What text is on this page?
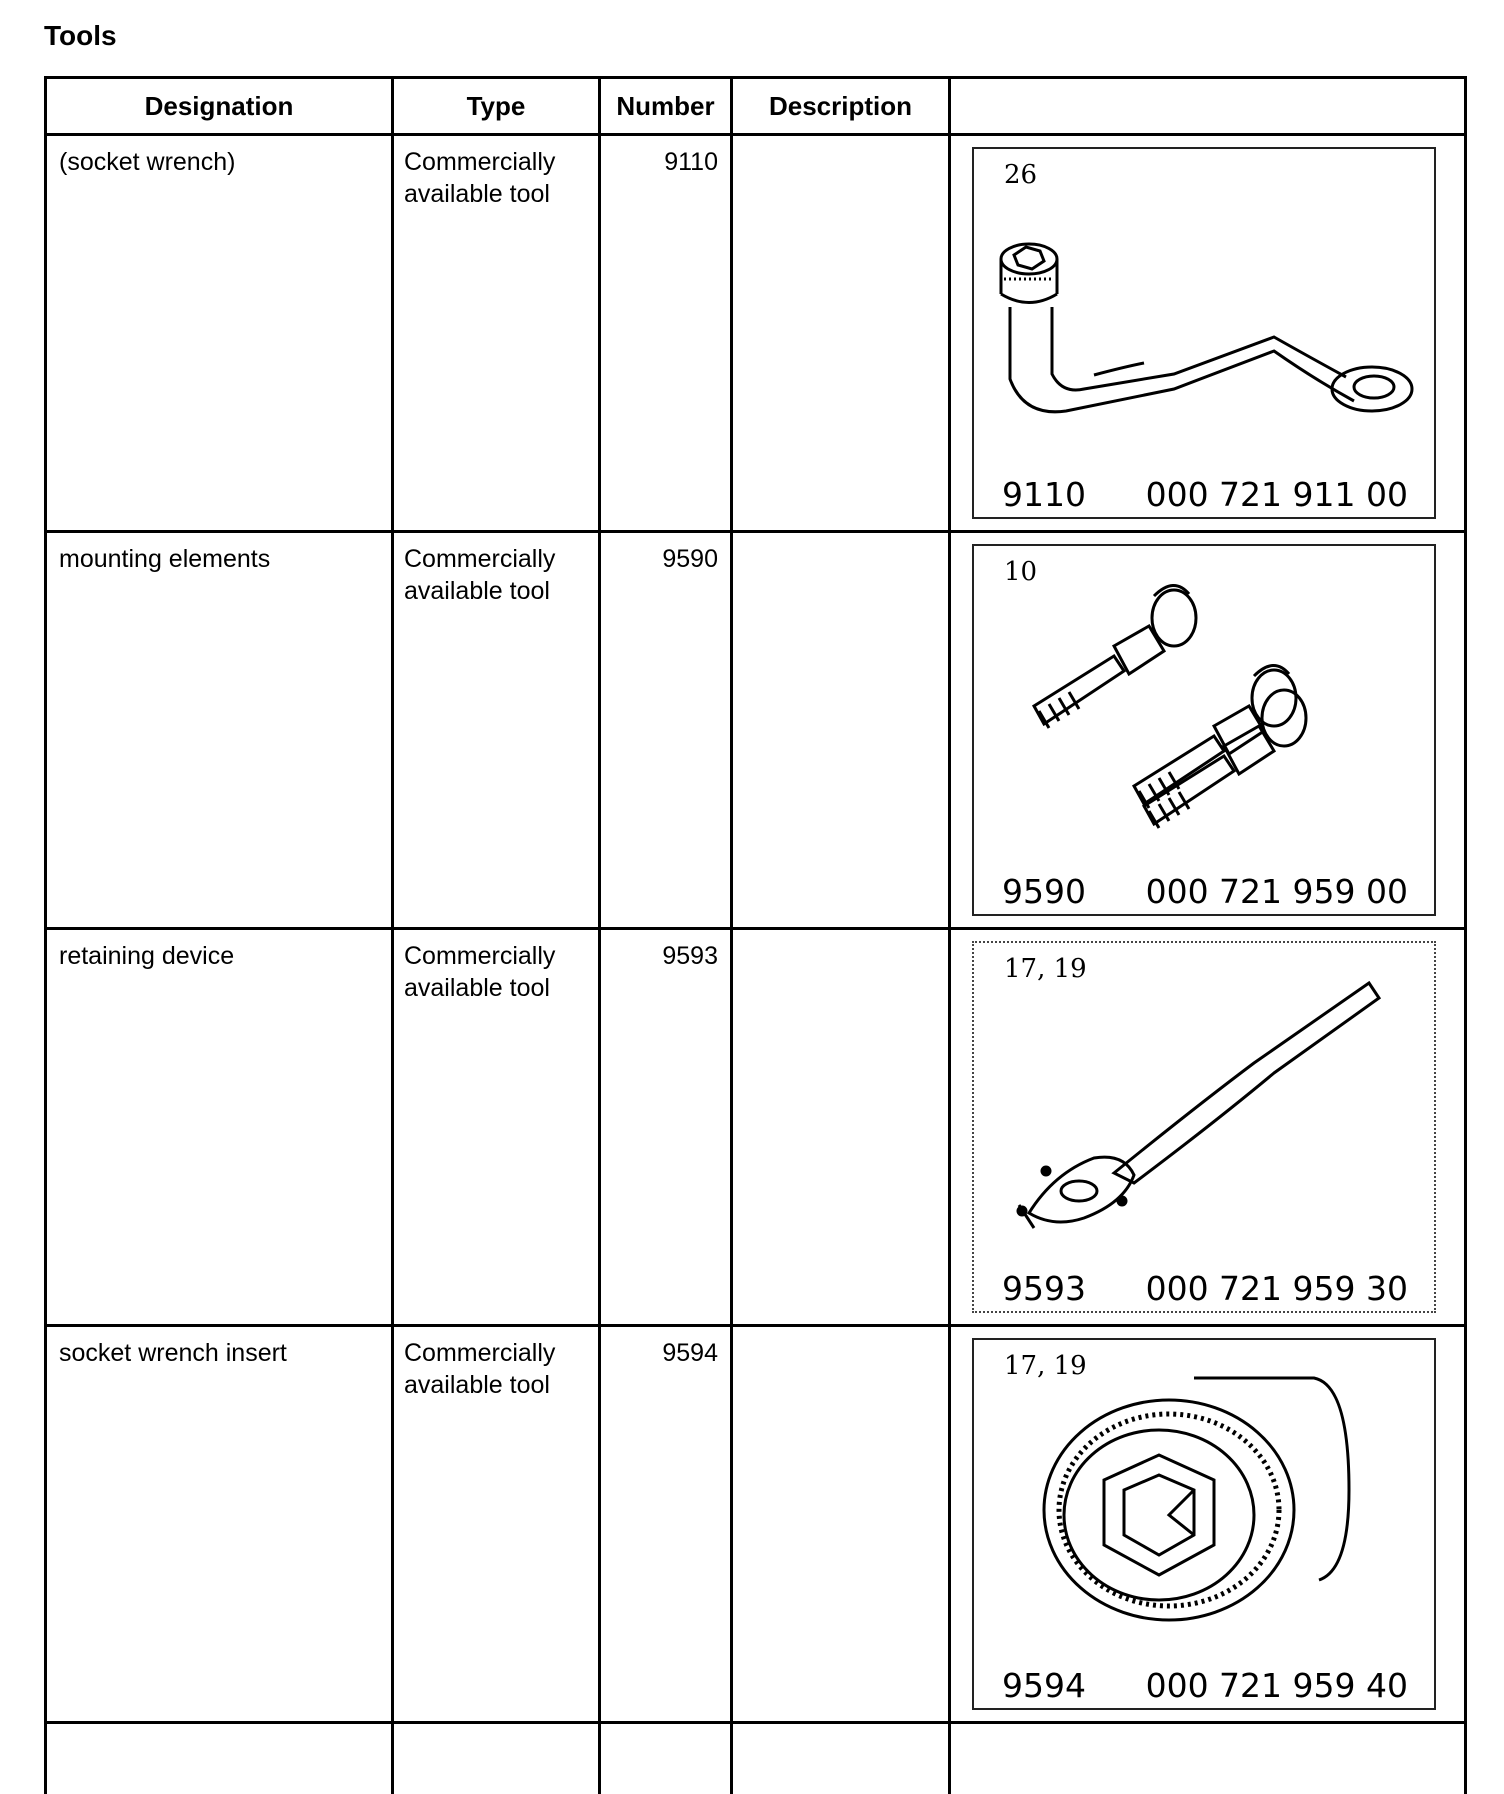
Tools
Designation	Type	Number	Description	
(socket wrench)	Commercially available tool	9110		26
9110 000 721 911 00

mounting elements	Commercially available tool	9590		10
9590 000 721 959 00

retaining device	Commercially available tool	9593		17, 19
9593 000 721 959 30

socket wrench insert	Commercially available tool	9594		17, 19
9594 000 721 959 40
